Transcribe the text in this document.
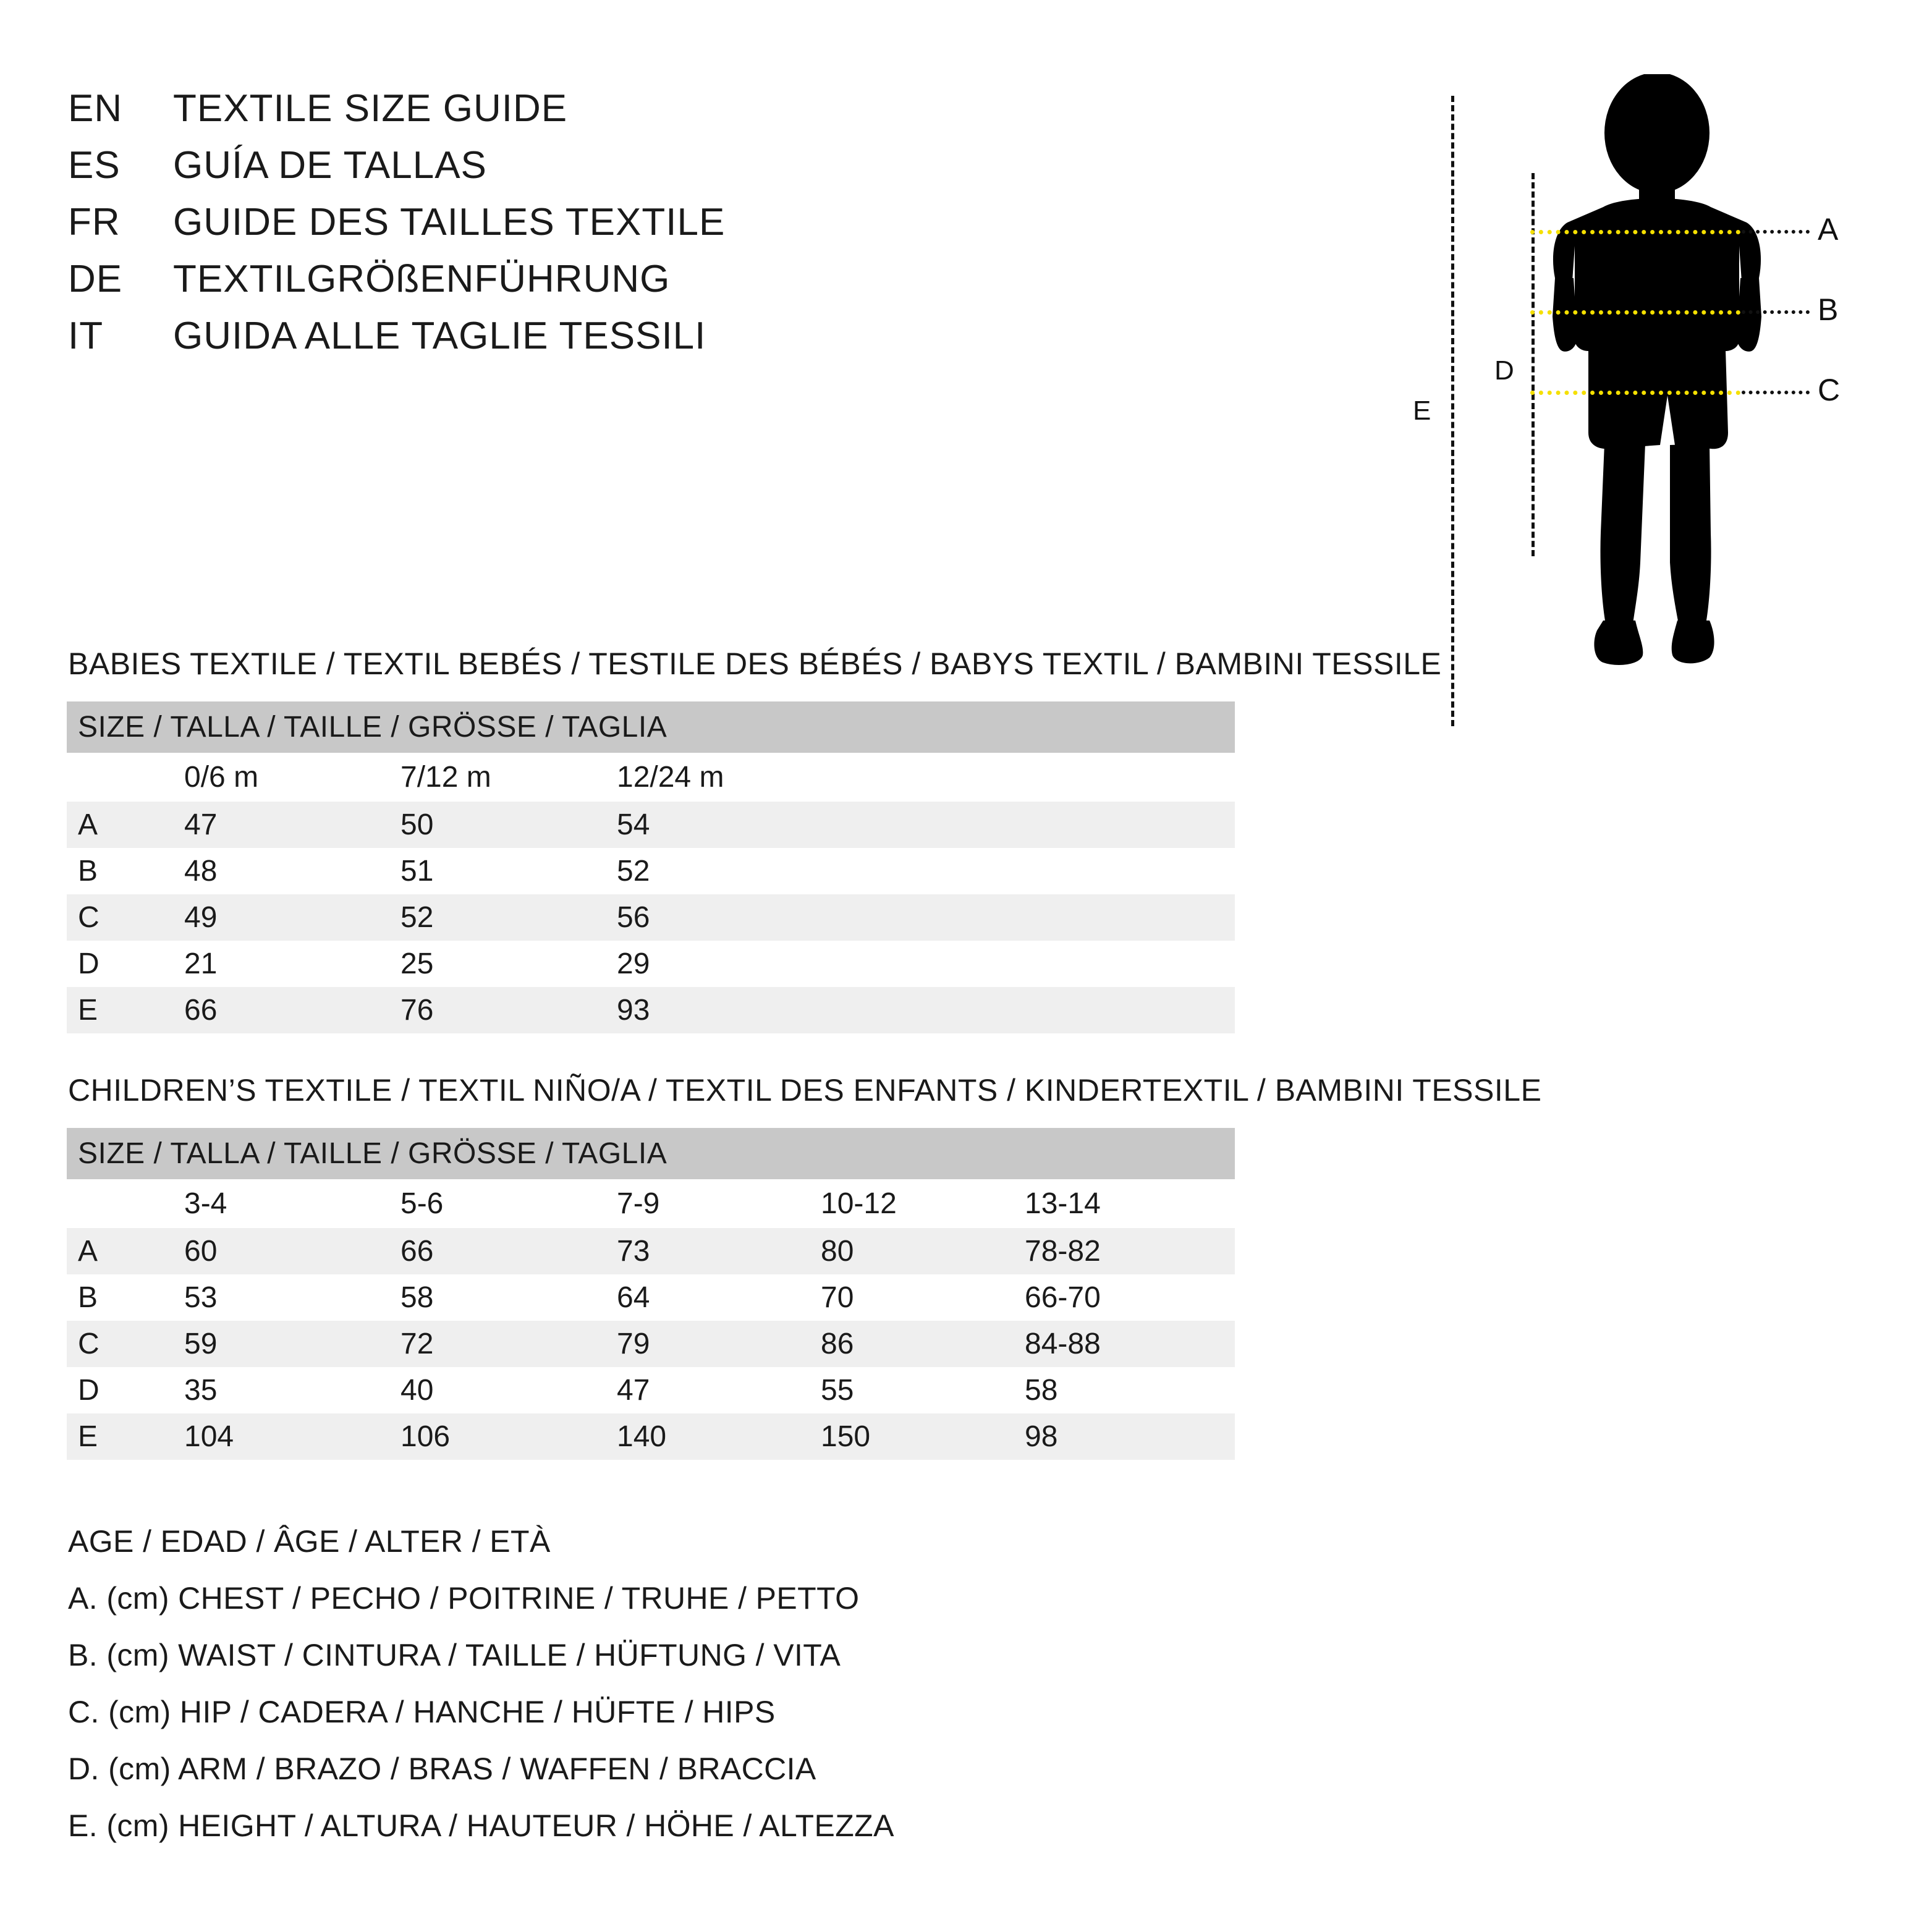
EN	TEXTILE SIZE GUIDE
ES	GUÍA DE TALLAS
FR	GUIDE DES TAILLES TEXTILE
DE	TEXTILGRÖßENFÜHRUNG
IT	GUIDA ALLE TAGLIE TESSILI
E
D
A
B
C
BABIES TEXTILE / TEXTIL BEBÉS / TESTILE DES BÉBÉS / BABYS TEXTIL / BAMBINI TESSILE
SIZE / TALLA / TAILLE / GRÖSSE / TAGLIA			
	0/6 m	7/12 m	12/24 m
A	47	50	54
B	48	51	52
C	49	52	56
D	21	25	29
E	66	76	93
CHILDREN’S TEXTILE / TEXTIL NIÑO/A / TEXTIL DES ENFANTS / KINDERTEXTIL / BAMBINI TESSILE
SIZE / TALLA / TAILLE / GRÖSSE / TAGLIA					
	3-4	5-6	7-9	10-12	13-14
A	60	66	73	80	78-82
B	53	58	64	70	66-70
C	59	72	79	86	84-88
D	35	40	47	55	58
E	104	106	140	150	98
AGE / EDAD / ÂGE / ALTER / ETÀ
A. (cm) CHEST / PECHO / POITRINE / TRUHE / PETTO
B. (cm) WAIST / CINTURA / TAILLE / HÜFTUNG / VITA
C. (cm) HIP / CADERA / HANCHE / HÜFTE / HIPS
D. (cm) ARM / BRAZO / BRAS / WAFFEN / BRACCIA
E. (cm) HEIGHT / ALTURA / HAUTEUR / HÖHE / ALTEZZA
